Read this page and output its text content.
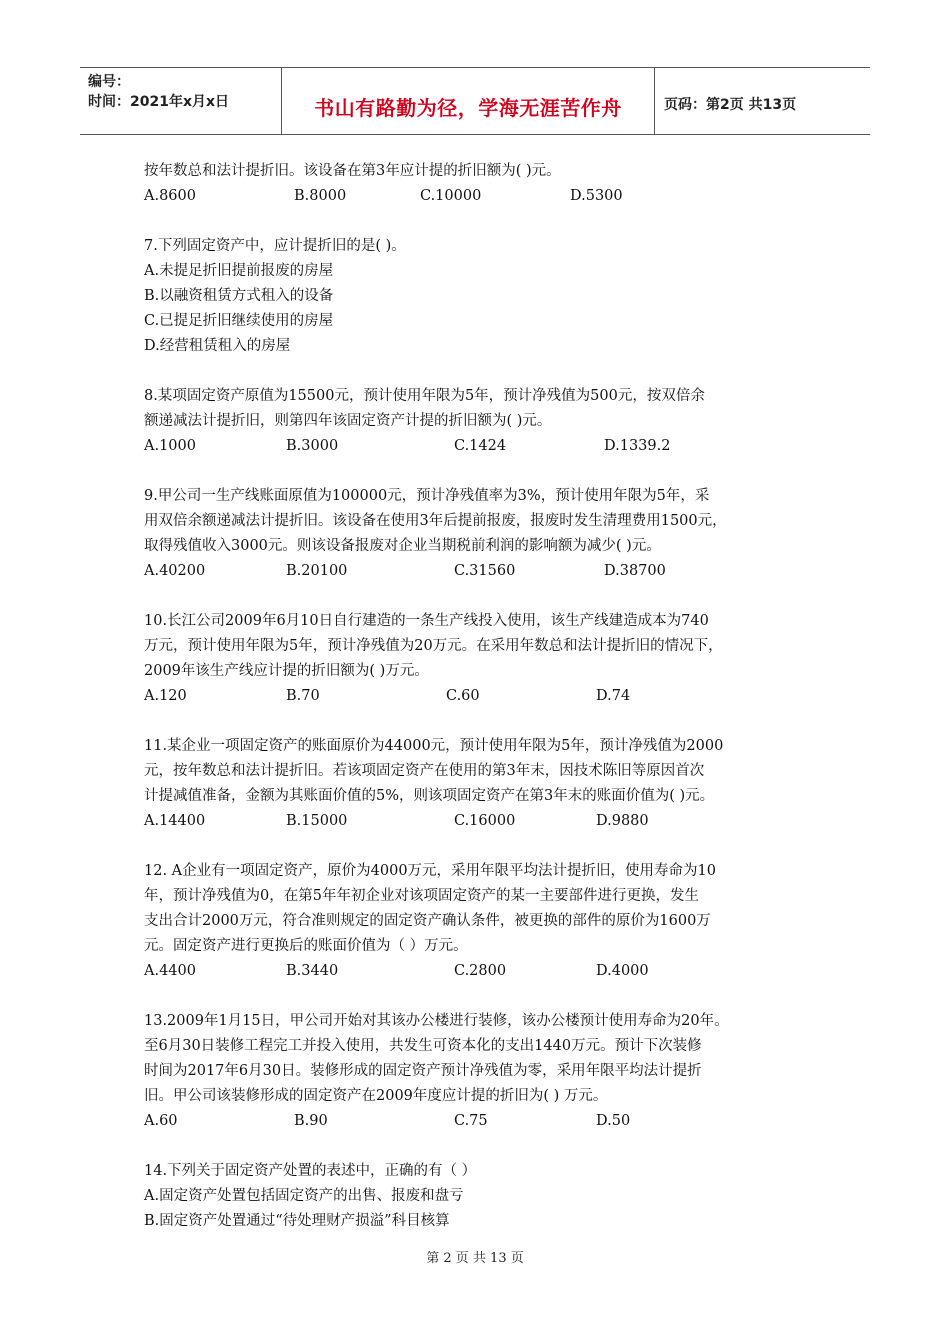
编号：
时间：2021年x月x日	书山有路勤为径，学海无涯苦作舟	页码：第2页 共13页
按年数总和法计提折旧。该设备在第3年应计提的折旧额为( )元。
A.8600	B.8000	C.10000	D.5300
7.下列固定资产中，应计提折旧的是( )。
A.未提足折旧提前报废的房屋
B.以融资租赁方式租入的设备
C.已提足折旧继续使用的房屋
D.经营租赁租入的房屋
8.某项固定资产原值为15500元，预计使用年限为5年，预计净残值为500元，按双倍余
额递减法计提折旧，则第四年该固定资产计提的折旧额为( )元。
A.1000	B.3000	C.1424	D.1339.2
9.甲公司一生产线账面原值为100000元，预计净残值率为3%，预计使用年限为5年，采
用双倍余额递减法计提折旧。该设备在使用3年后提前报废，报废时发生清理费用1500元，
取得残值收入3000元。则该设备报废对企业当期税前利润的影响额为减少( )元。
A.40200	B.20100	C.31560	D.38700
10.长江公司2009年6月10日自行建造的一条生产线投入使用，该生产线建造成本为740
万元，预计使用年限为5年，预计净残值为20万元。在采用年数总和法计提折旧的情况下，
2009年该生产线应计提的折旧额为( )万元。
A.120	B.70	C.60	D.74
11.某企业一项固定资产的账面原价为44000元，预计使用年限为5年，预计净残值为2000
元，按年数总和法计提折旧。若该项固定资产在使用的第3年末，因技术陈旧等原因首次
计提减值准备，金额为其账面价值的5%，则该项固定资产在第3年末的账面价值为( )元。
A.14400	B.15000	C.16000	D.9880
12. A企业有一项固定资产，原价为4000万元，采用年限平均法计提折旧，使用寿命为10
年，预计净残值为0，在第5年年初企业对该项固定资产的某一主要部件进行更换，发生
支出合计2000万元，符合准则规定的固定资产确认条件，被更换的部件的原价为1600万
元。固定资产进行更换后的账面价值为（ ）万元。
A.4400	B.3440	C.2800	D.4000
13.2009年1月15日，甲公司开始对其该办公楼进行装修，该办公楼预计使用寿命为20年。
至6月30日装修工程完工并投入使用，共发生可资本化的支出1440万元。预计下次装修
时间为2017年6月30日。装修形成的固定资产预计净残值为零，采用年限平均法计提折
旧。甲公司该装修形成的固定资产在2009年度应计提的折旧为( ) 万元。
A.60	B.90	C.75	D.50
14.下列关于固定资产处置的表述中，正确的有（ ）
A.固定资产处置包括固定资产的出售、报废和盘亏
B.固定资产处置通过“待处理财产损溢”科目核算
第 2 页 共 13 页
